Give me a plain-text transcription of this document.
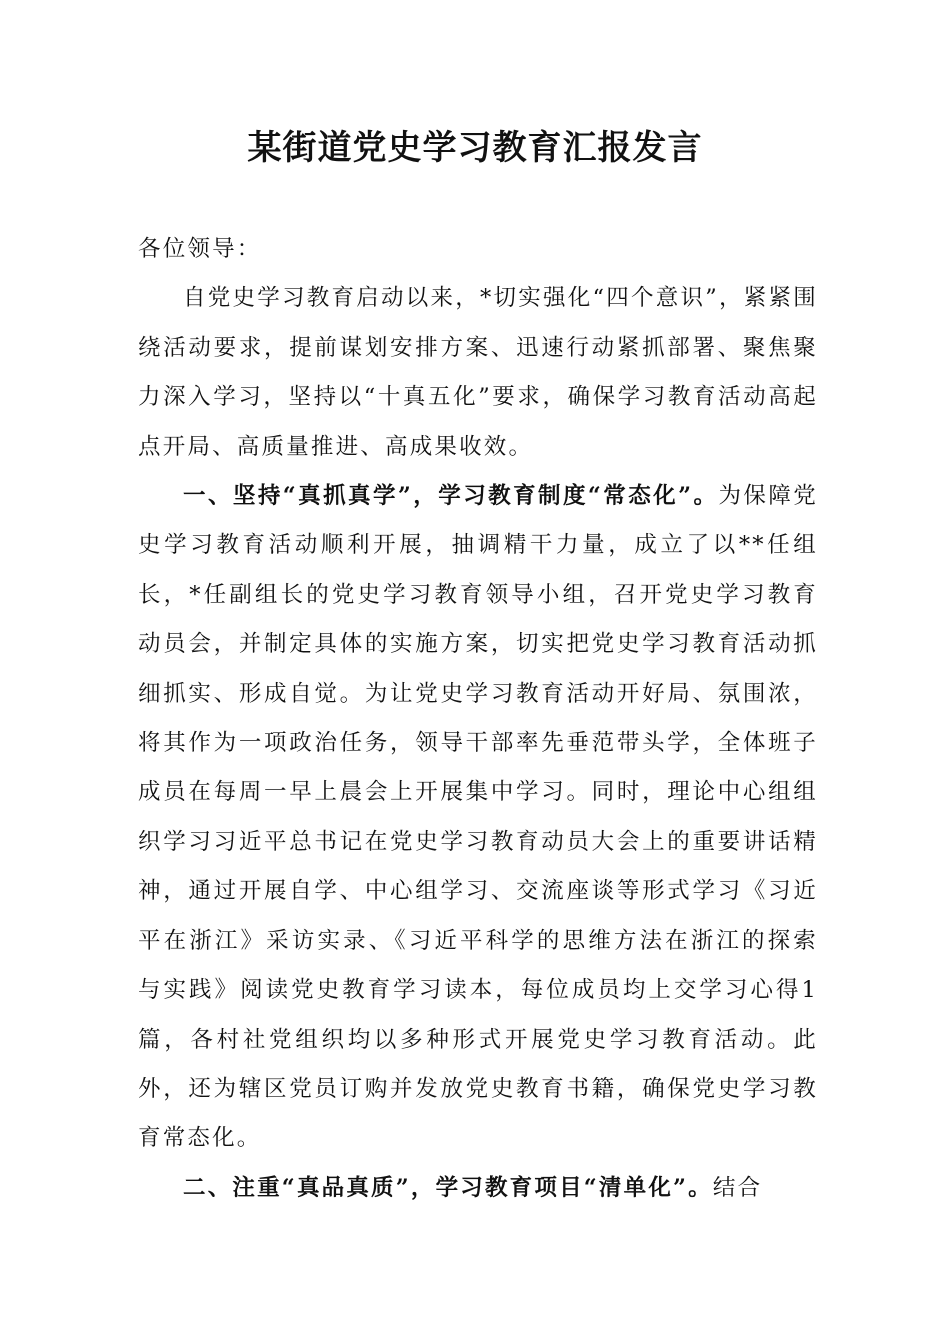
某街道党史学习教育汇报发言

各位领导：

自党史学习教育启动以来，*切实强化“四个意识”，紧紧围绕活动要求，提前谋划安排方案、迅速行动紧抓部署、聚焦聚力深入学习，坚持以“十真五化”要求，确保学习教育活动高起点开局、高质量推进、高成果收效。

一、坚持“真抓真学”，学习教育制度“常态化”。为保障党史学习教育活动顺利开展，抽调精干力量，成立了以**任组长，*任副组长的党史学习教育领导小组，召开党史学习教育动员会，并制定具体的实施方案，切实把党史学习教育活动抓细抓实、形成自觉。为让党史学习教育活动开好局、氛围浓，将其作为一项政治任务，领导干部率先垂范带头学，全体班子成员在每周一早上晨会上开展集中学习。同时，理论中心组组织学习习近平总书记在党史学习教育动员大会上的重要讲话精神，通过开展自学、中心组学习、交流座谈等形式学习《习近平在浙江》采访实录、《习近平科学的思维方法在浙江的探索与实践》阅读党史教育学习读本，每位成员均上交学习心得1篇，各村社党组织均以多种形式开展党史学习教育活动。此外，还为辖区党员订购并发放党史教育书籍，确保党史学习教育常态化。

二、注重“真品真质”，学习教育项目“清单化”。结合
